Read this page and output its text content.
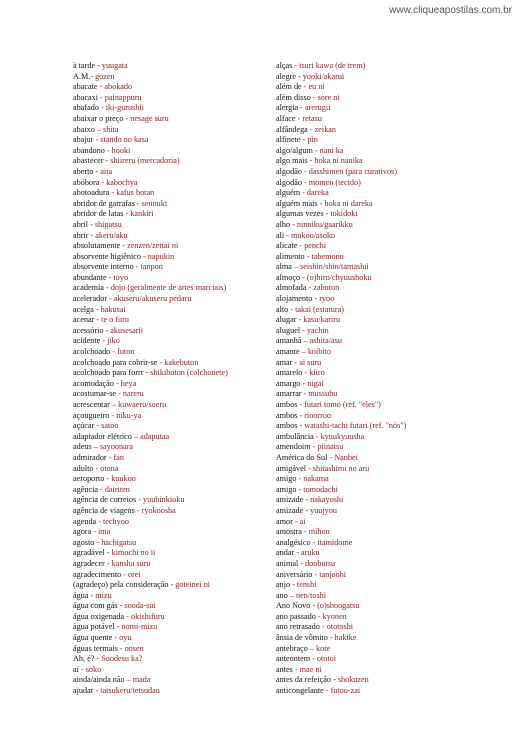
www.cliqueapostilas.com.br
à tarde - yuugata
A.M.- gozen
abacate - abokado
abacaxi - painappuru
abafado - iki-gurushii
abaixar o preço - nesage suru
abaixo – shita
abajur - stando no kasa
abandono - hooki
abastecer - shiireru (mercadoria)
aberto - aita
abóbora - kabochya
abotoadura - kafus botan
abridor de garrafas - sennuki
abridor de latas - kankiri
abril - shigatsu
abrir - akeru/aku
absolutamente - zenzen/zettai ni
absorvente higiênico - napukin
absorvente interno - tanpon
abundante - toyo
academia - dojo (geralmente de artes marciais)
acelerador - akuseru/akuseru pedaru
acelga - hakusai
acenar - te o furu
acessório - akusesarii
acidente - jiko
acolchoado - futon
acolchoado para cobrir-se - kakebuton
acolchoado para forrr - shikibuton (colchonete)
acomodação - heya
acostumar-se - nareru
acrescentar – kuwaeru/soeru
açougueiro - niku-ya
açúcar - satoo
adaptador elétrico – adaputaa
adeus – sayoonara
admirador - fan
adulto - otona
aeroporto - kuukoo
agência - dairiten
agência de correios - yuubinkioku
agência de viagens - ryokoosha
agenda - techyoo
agora - ima
agosto - hachigatsu
agradável - kimochi no ii
agradecer - kansha suru
agradecimento - orei
(agradeço) pela consideração - goteinei ni
água - mizu
água com gás - sooda-sui
água oxigenada - okishifuru
água potável - nomi-mizu
água quente - oyu
águas termais - onsen
Ah, é? - Soodesu ka?
aí - soko
ainda/ainda não – mada
ajudar - tatsukeru/tetsudau
alças - tsuri kawa (de trem)
alegre - yooki/akarui
além de - eu ni
além disso - sore ni
alergia - arerugii
alface - retasu
alfândega - zeikan
alfinete - pin
algo/algum - nani ka
algo mais - hoka ni nanika
algodão - dasshimen (para curativos)
algodão - momen (tecido)
alguém - dareka
alguém mais - hoka ni dareka
algumas vezes - tokidoki
alho - ninniku/gaarikku
ali - mukoo/asoko
alicate - penchi
alimento - tabemono
alma – seishin/shin/tamashii
almoço - (o)hiro/chyuushoku
almofada - zabuton
alojamento - ryoo
alto - takai (estatura)
alugar - kasu/kariru
aluguel - yachin
amanhã – ashita/asu
amante – koibito
amar - ai suru
amarelo - kiiro
amargo - nigai
amarrar - mussubu
ambos - futari tomo (ref. "eles")
ambos - rioorroo
ambos - watashi-tachi futari (ref. "nós")
ambulância - kyuukyuusha
amendoim - piinatsu
América do Sul - Nanbei
amigável - shitashimi no aru
amigo - nakama
amigo - tomodachi
amizade - nakayoshi
amizade - yuujyou
amor - ai
amostra - mihon
analgésico - itamidome
andar - aruku
animal - doobutsu
aniversário - tanjoobi
anjo - tenshi
ano – nen/toshi
Ano Novo - (o)shoogatsu
ano passado - kyonen
ano retrasado - ototoshi
ânsia de vômito - hakike
antebraço – kote
anteontem - ototoi
antes - mae ni
antes da refeição - shokuzen
anticongelante - futoo-zai
